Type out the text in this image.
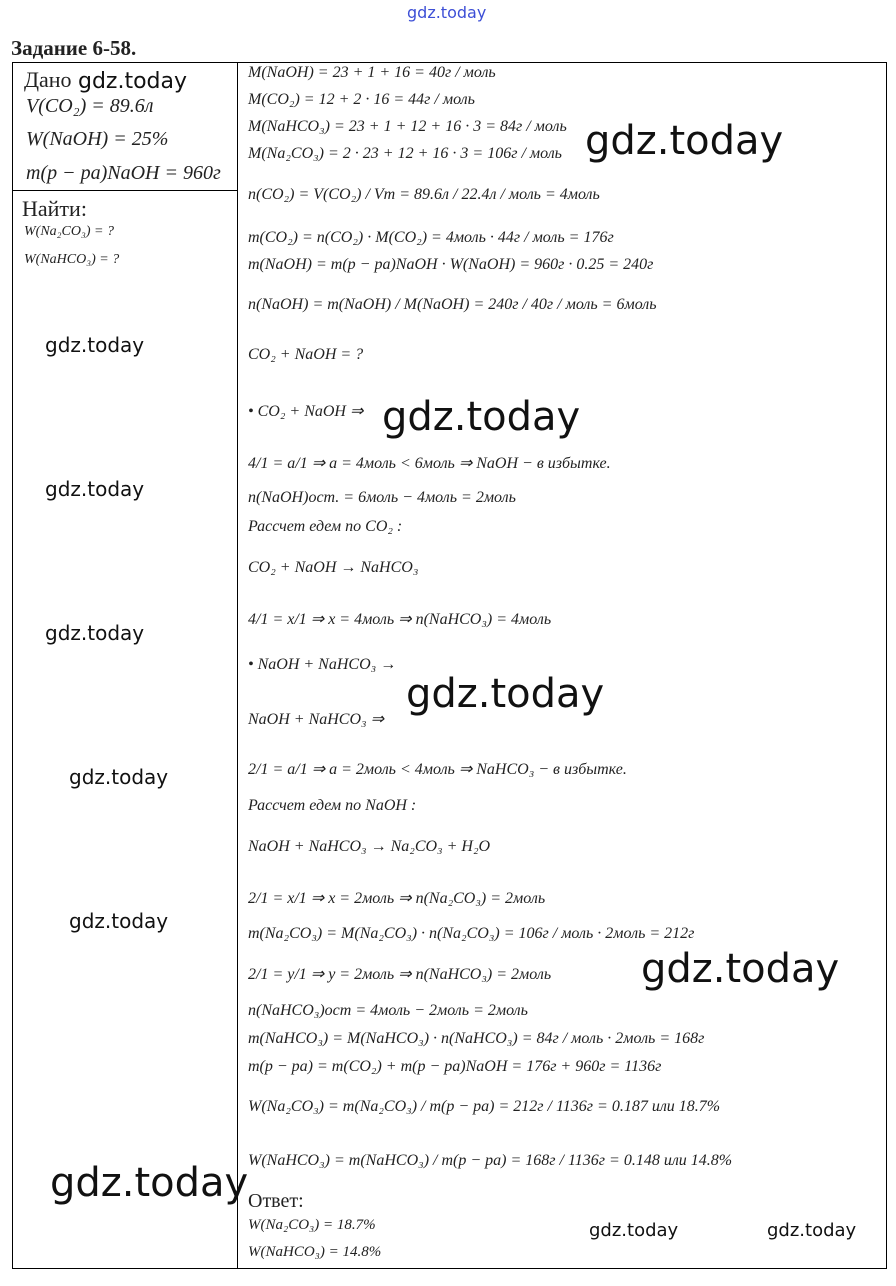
gdz.today
Задание 6-58.
Дано
V(CO₂) = 89.6л
W(NaOH) = 25%
m(p − pa)NaOH = 960г
Найти:
W(Na₂CO₃) = ?
W(NaHCO₃) = ?
M(NaOH) = 23 + 1 + 16 = 40г / моль
M(CO₂) = 12 + 2 · 16 = 44г / моль
M(NaHCO₃) = 23 + 1 + 12 + 16 · 3 = 84г / моль
M(Na₂CO₃) = 2 · 23 + 12 + 16 · 3 = 106г / моль
n(CO₂) = V(CO₂) / Vm = 89.6л / 22.4л / моль = 4моль
m(CO₂) = n(CO₂) · M(CO₂) = 4моль · 44г / моль = 176г
m(NaOH) = m(p − pa)NaOH · W(NaOH) = 960г · 0.25 = 240г
n(NaOH) = m(NaOH) / M(NaOH) = 240г / 40г / моль = 6моль
CO₂ + NaOH = ?
• CO₂ + NaOH ⇒
4/1 = a/1 ⇒ a = 4моль < 6моль ⇒ NaOH − в избытке.
n(NaOH)ост. = 6моль − 4моль = 2моль
Рассчет едем по CO₂ :
CO₂ + NaOH → NaHCO₃
4/1 = x/1 ⇒ x = 4моль ⇒ n(NaHCO₃) = 4моль
• NaOH + NaHCO₃ →
NaOH + NaHCO₃ ⇒
2/1 = a/1 ⇒ a = 2моль < 4моль ⇒ NaHCO₃ − в избытке.
Рассчет едем по NaOH :
NaOH + NaHCO₃ → Na₂CO₃ + H₂O
2/1 = x/1 ⇒ x = 2моль ⇒ n(Na₂CO₃) = 2моль
m(Na₂CO₃) = M(Na₂CO₃) · n(Na₂CO₃) = 106г / моль · 2моль = 212г
2/1 = y/1 ⇒ y = 2моль ⇒ n(NaHCO₃) = 2моль
n(NaHCO₃)ост = 4моль − 2моль = 2моль
m(NaHCO₃) = M(NaHCO₃) · n(NaHCO₃) = 84г / моль · 2моль = 168г
m(p − pa) = m(CO₂) + m(p − pa)NaOH = 176г + 960г = 1136г
W(Na₂CO₃) = m(Na₂CO₃) / m(p − pa) = 212г / 1136г = 0.187 или 18.7%
W(NaHCO₃) = m(NaHCO₃) / m(p − pa) = 168г / 1136г = 0.148 или 14.8%
Ответ:
W(Na₂CO₃) = 18.7%
W(NaHCO₃) = 14.8%
gdz.today
gdz.today
gdz.today
gdz.today
gdz.today
gdz.today
gdz.today
gdz.today
gdz.today
gdz.today
gdz.today
gdz.today	gdz.today
